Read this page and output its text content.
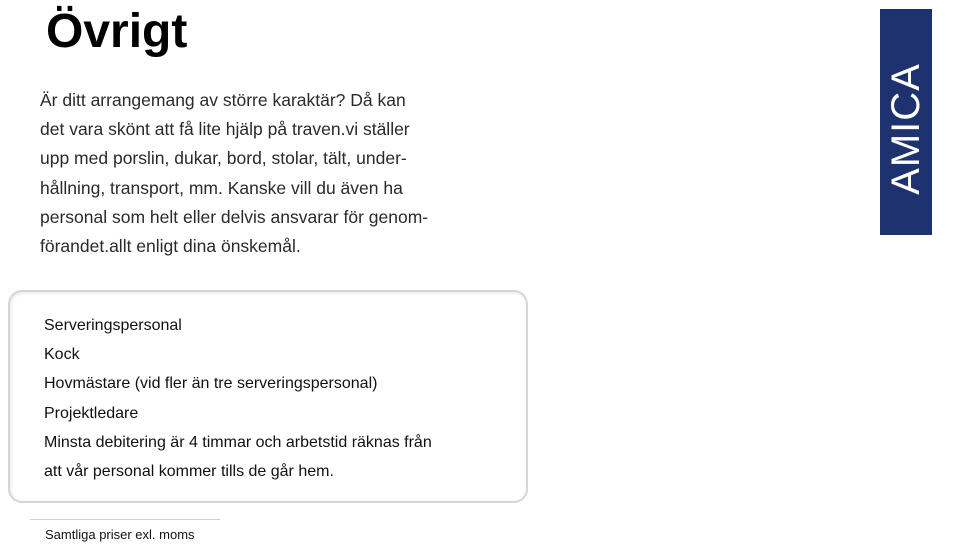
Övrigt

Är ditt arrangemang av större karaktär? Då kan
det vara skönt att få lite hjälp på traven.vi ställer
upp med porslin, dukar, bord, stolar, tält, under-
hållning, transport, mm. Kanske vill du även ha
personal som helt eller delvis ansvarar för genom-
förandet.allt enligt dina önskemål.

AMICA

Serveringspersonal
Kock
Hovmästare (vid fler än tre serveringspersonal)
Projektledare
Minsta debitering är 4 timmar och arbetstid räknas från
att vår personal kommer tills de går hem.

Samtliga priser exl. moms
